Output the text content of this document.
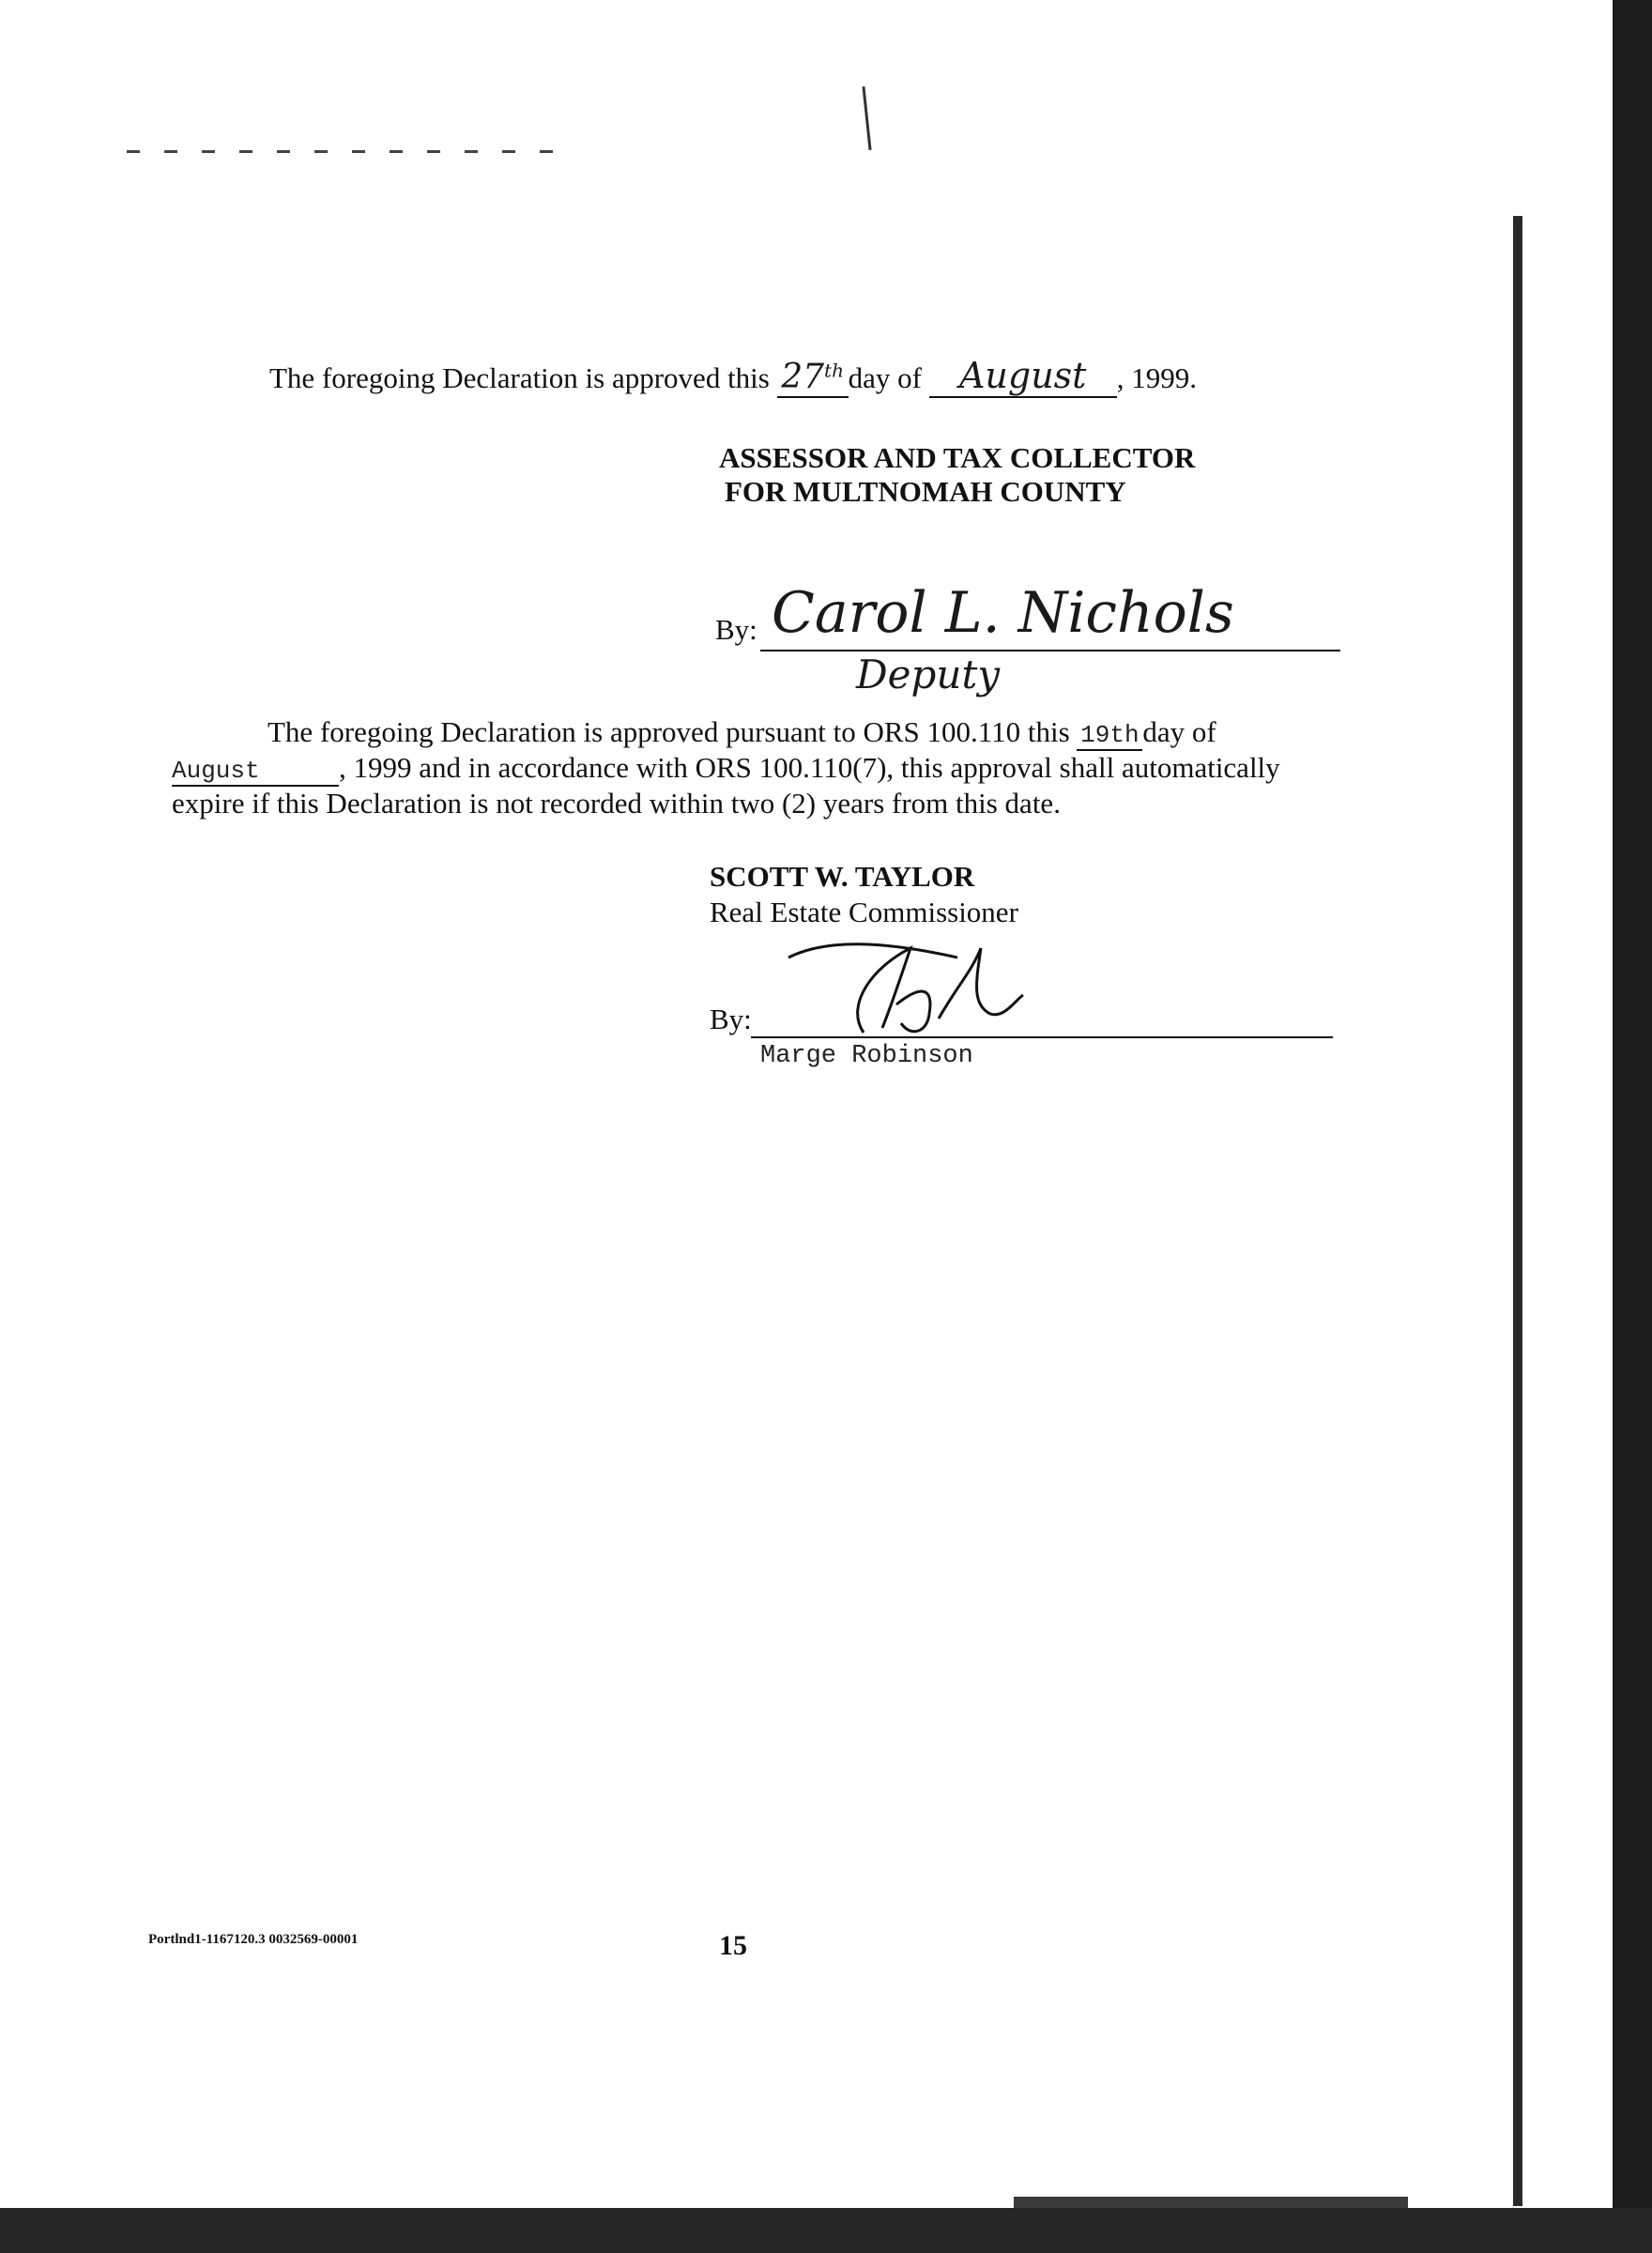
The foregoing Declaration is approved this 27th day of August , 1999.
ASSESSOR AND TAX COLLECTOR
FOR MULTNOMAH COUNTY
By: Carol L. Nichols
Deputy
The foregoing Declaration is approved pursuant to ORS 100.110 this 19th day of
August	, 1999 and in accordance with ORS 100.110(7), this approval shall automatically
expire if this Declaration is not recorded within two (2) years from this date.
SCOTT W. TAYLOR
Real Estate Commissioner
By:
Marge Robinson
Portlnd1-1167120.3 0032569-00001	15
